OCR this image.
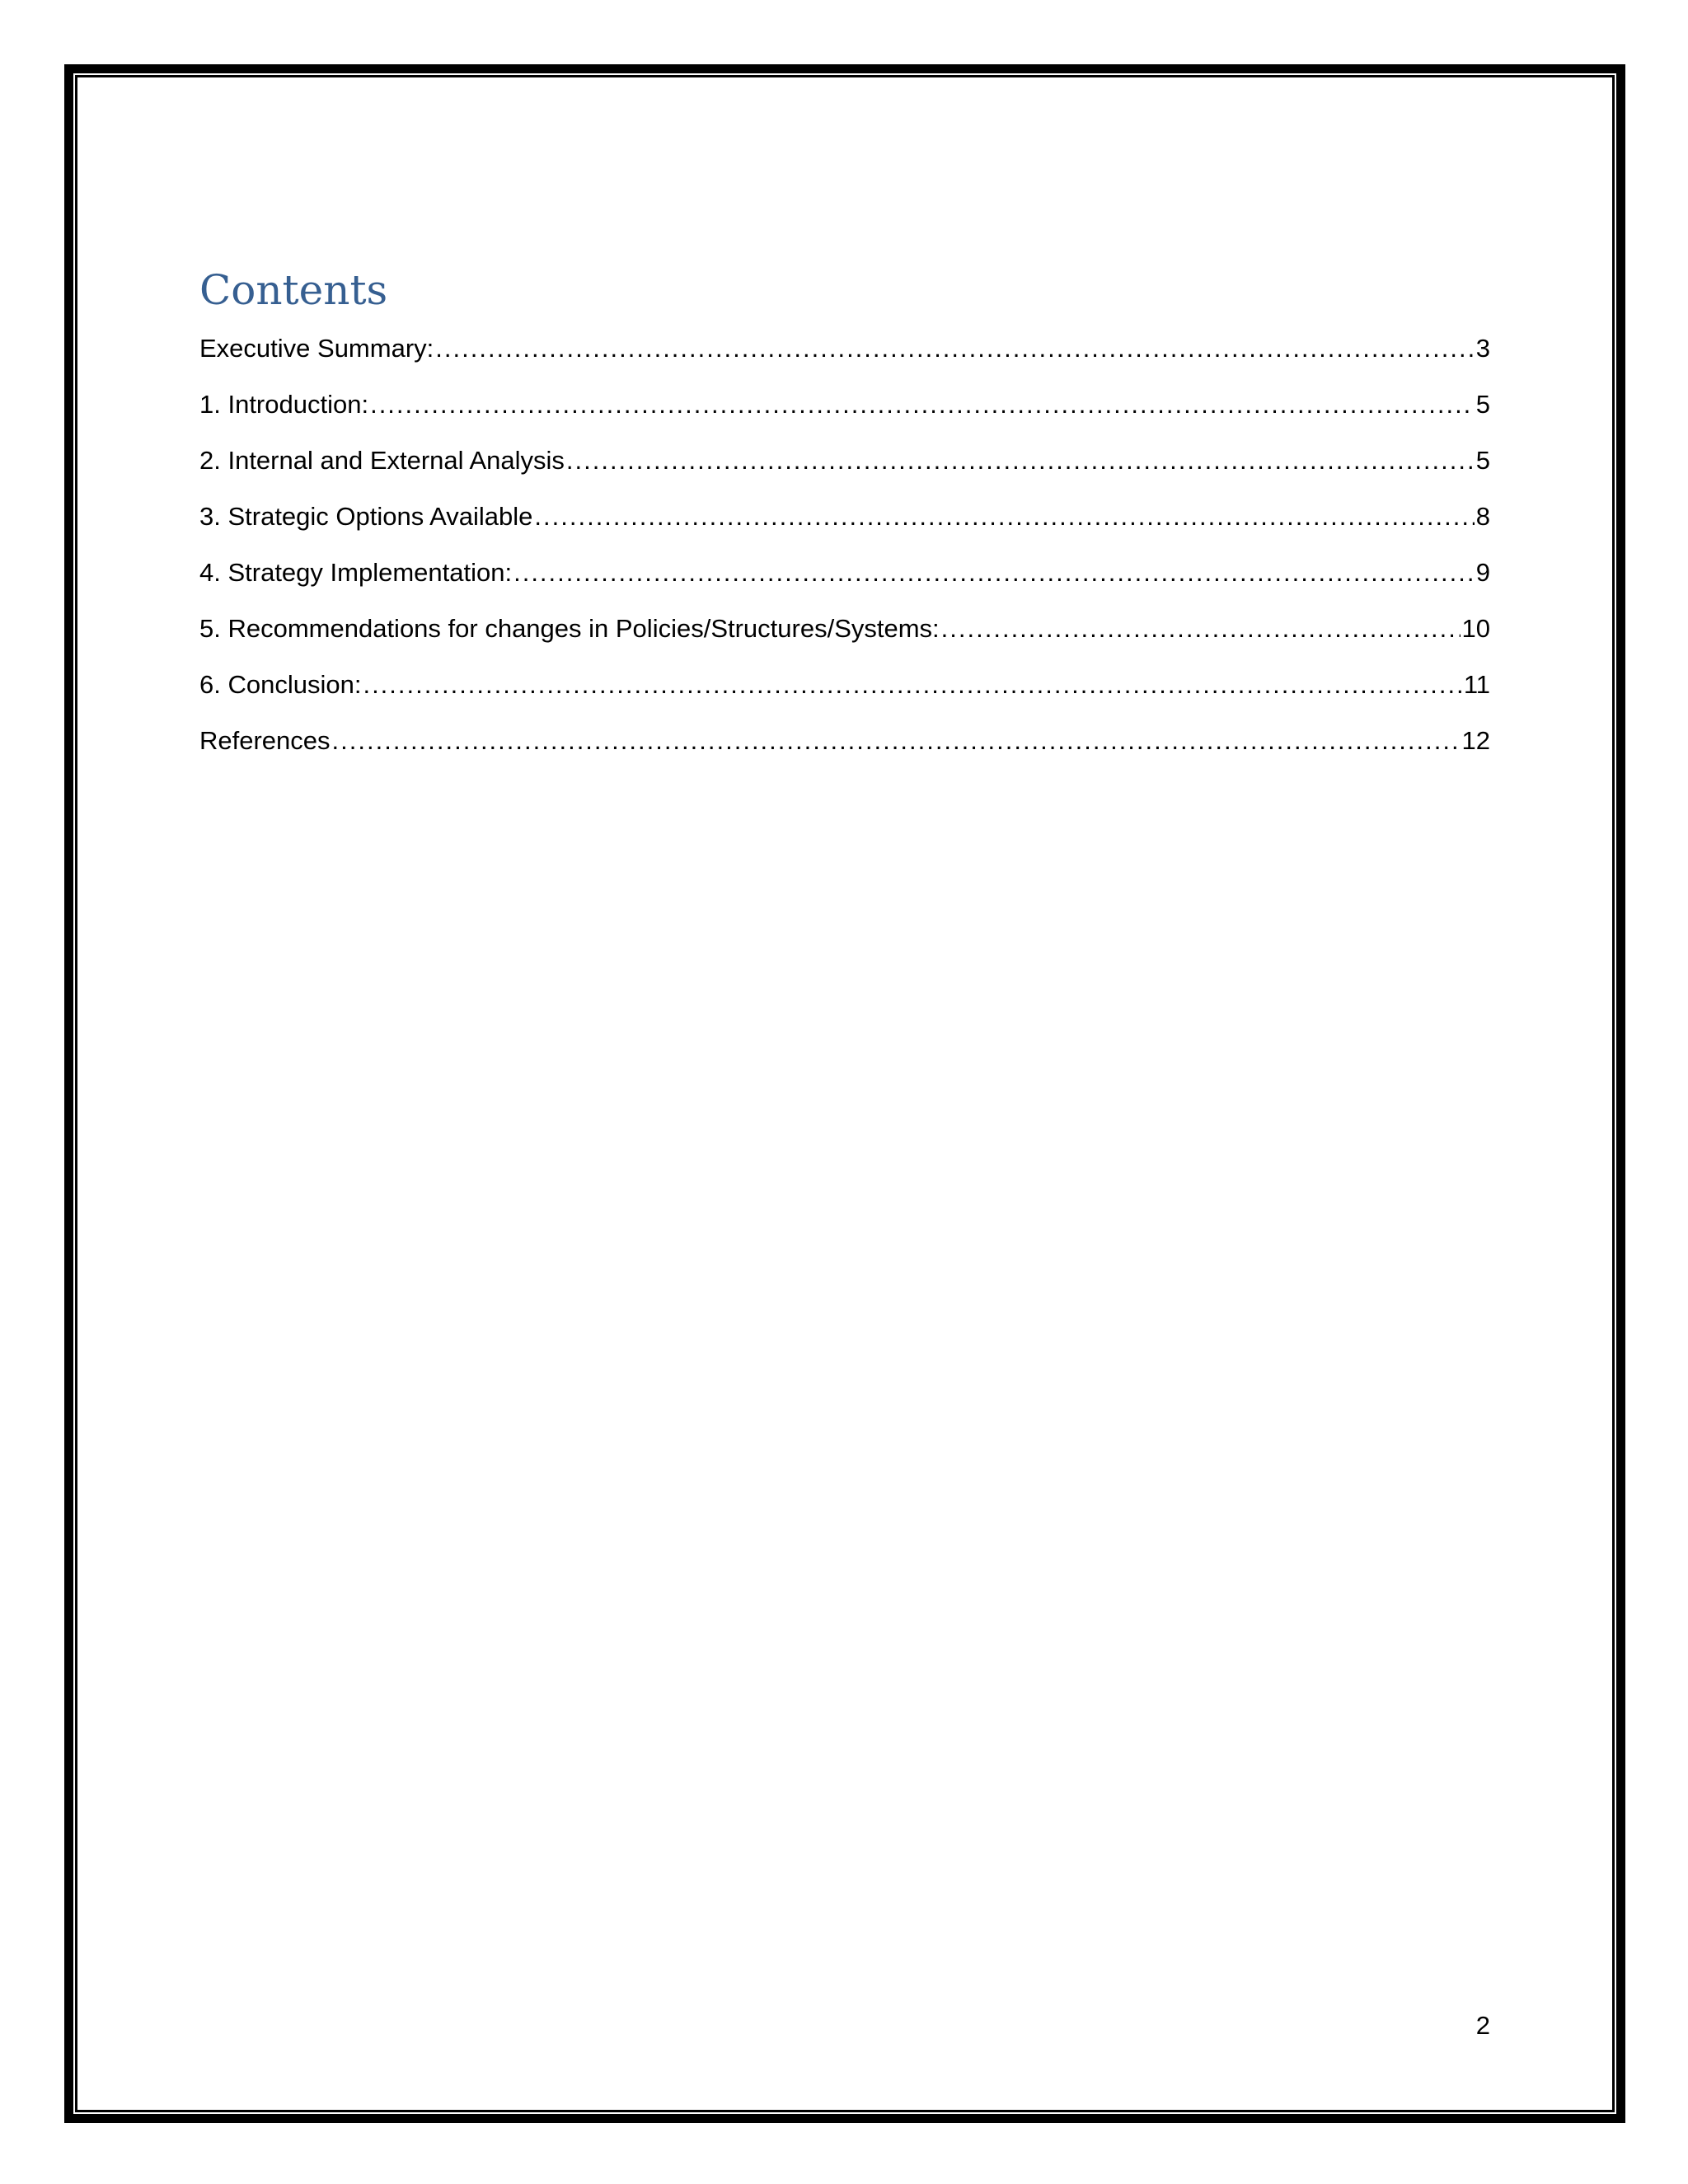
Contents
Executive Summary: .....	3
1. Introduction: .....	5
2. Internal and External Analysis .....	5
3. Strategic Options Available .....	8
4. Strategy Implementation: .....	9
5. Recommendations for changes in Policies/Structures/Systems: .....	10
6. Conclusion: .....	11
References .....	12
2
